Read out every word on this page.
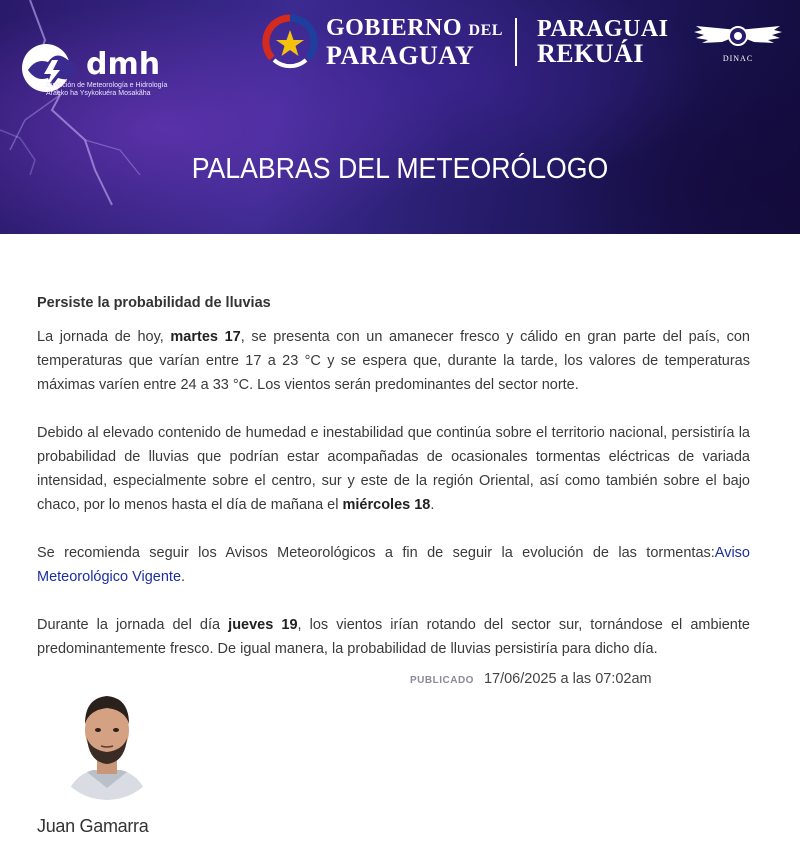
dmh
Dirección de Meteorología e Hidrología
Araeko ha Ysykokuéra Mosakãha
GOBIERNO DEL
PARAGUAY
PARAGUAI
REKUÁI	DINAC
PALABRAS DEL METEORÓLOGO
Persiste la probabilidad de lluvias

La jornada de hoy, martes 17, se presenta con un amanecer fresco y cálido en gran parte del país, con temperaturas que varían entre 17 a 23 °C y se espera que, durante la tarde, los valores de temperaturas máximas varíen entre 24 a 33 °C. Los vientos serán predominantes del sector norte.

Debido al elevado contenido de humedad e inestabilidad que continúa sobre el territorio nacional, persistiría la probabilidad de lluvias que podrían estar acompañadas de ocasionales tormentas eléctricas de variada intensidad, especialmente sobre el centro, sur y este de la región Oriental, así como también sobre el bajo chaco, por lo menos hasta el día de mañana el miércoles 18.

Se recomienda seguir los Avisos Meteorológicos a fin de seguir la evolución de las tormentas:Aviso Meteorológico Vigente.

Durante la jornada del día jueves 19, los vientos irían rotando del sector sur, tornándose el ambiente predominantemente fresco. De igual manera, la probabilidad de lluvias persistiría para dicho día.

PUBLICADO 17/06/2025 a las 07:02am
Juan Gamarra
